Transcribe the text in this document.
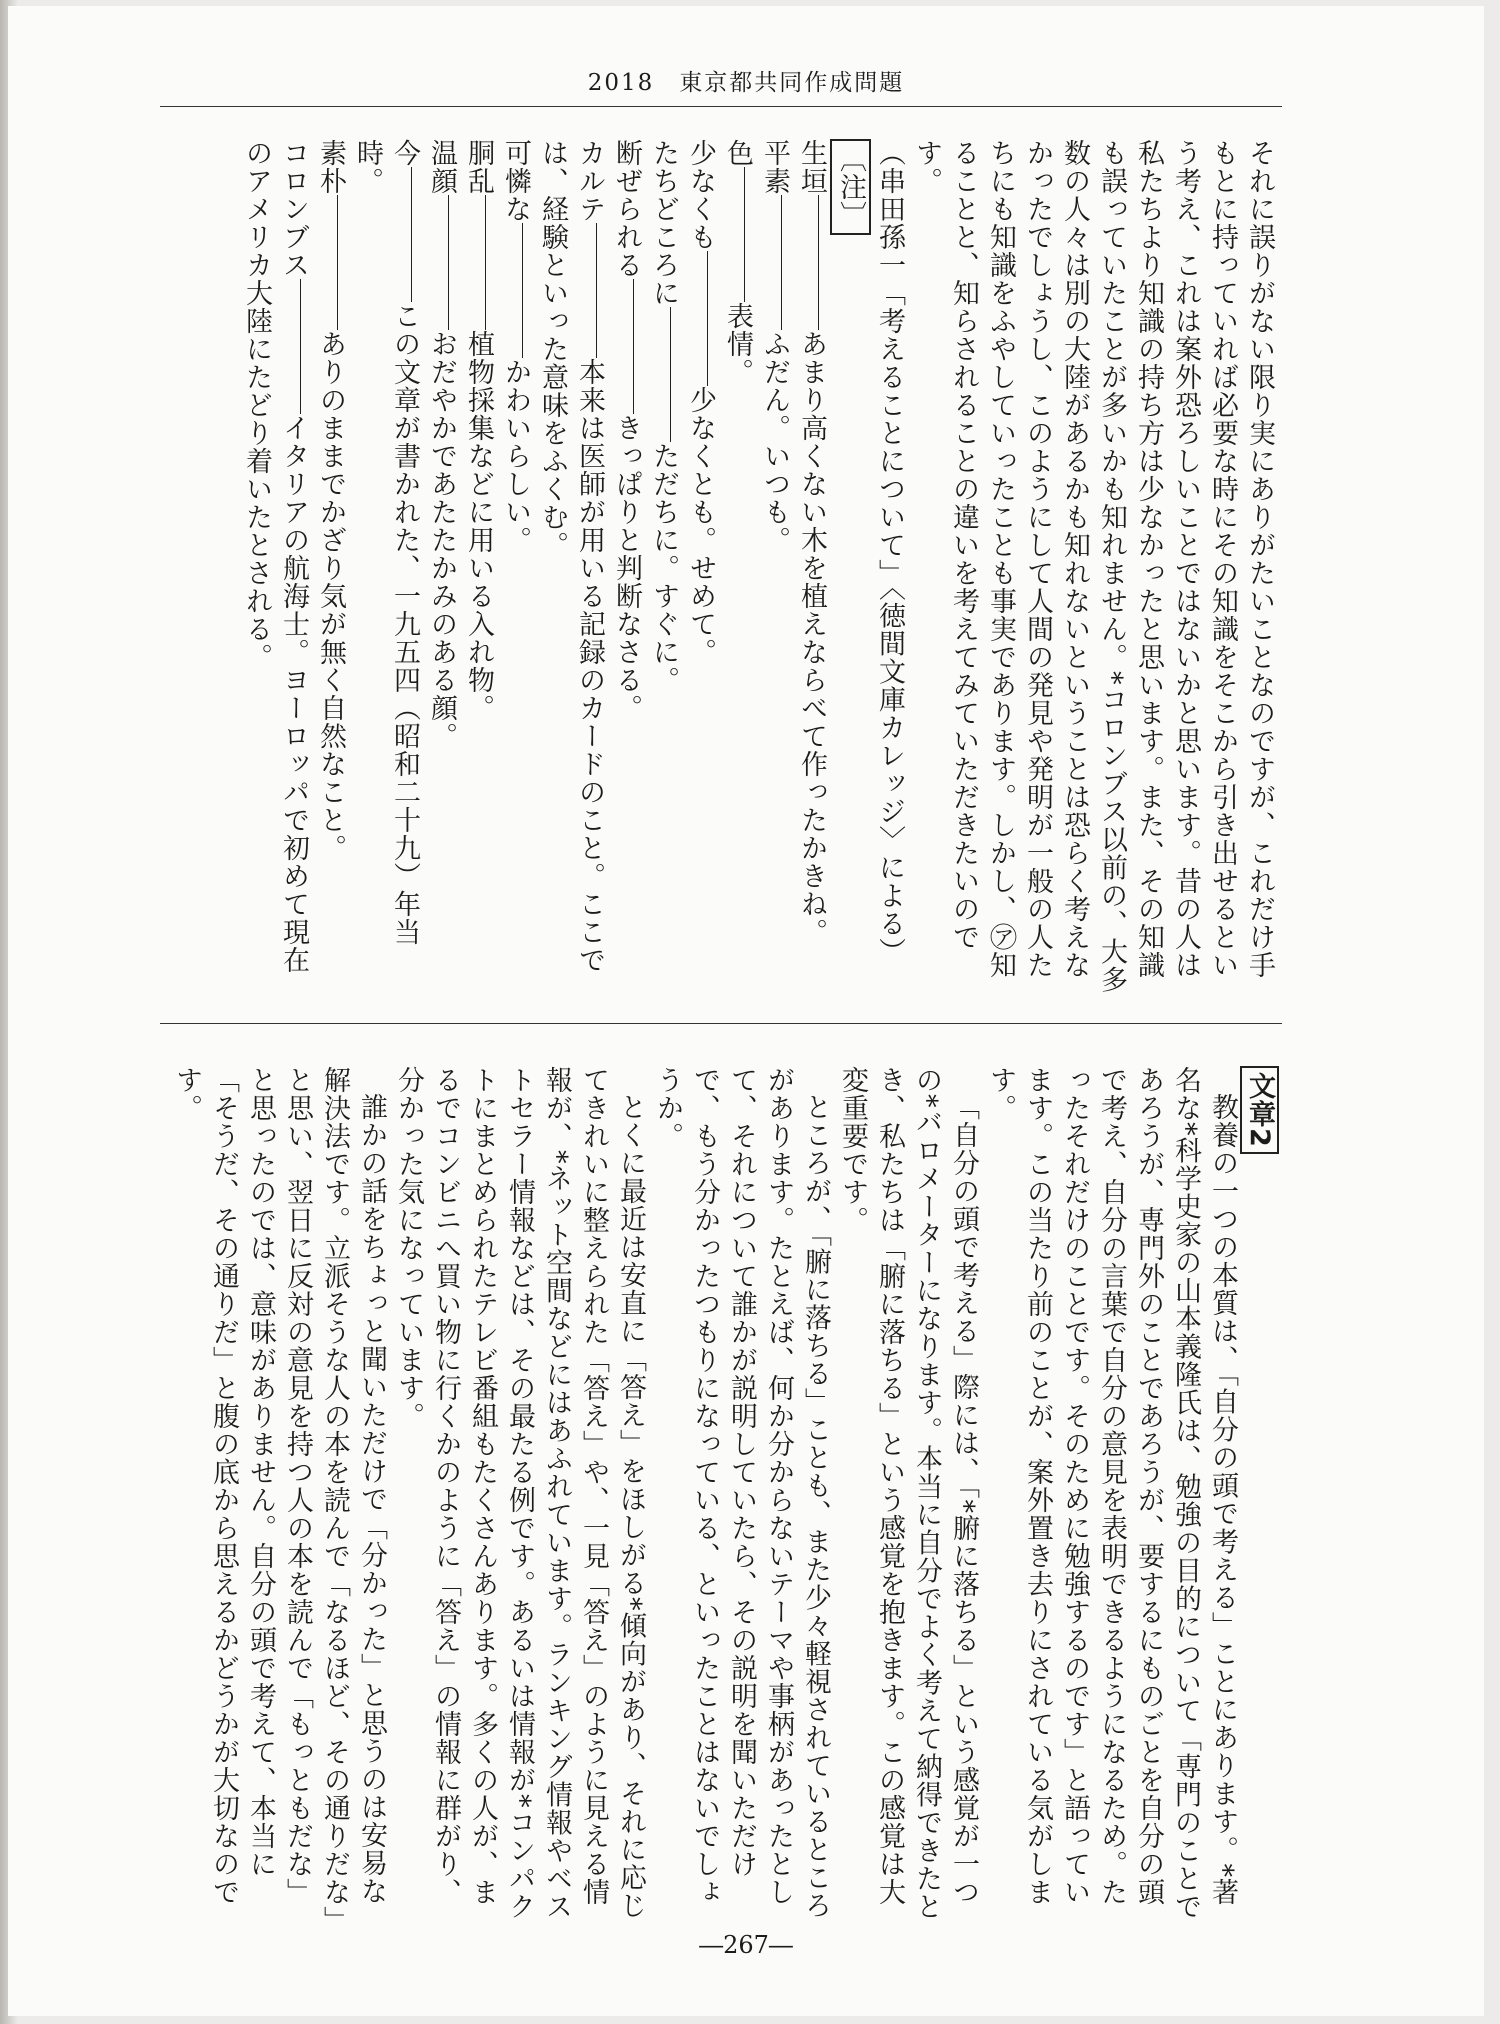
2018　東京都共同作成問題

それに誤りがない限り実にありがたいことなのですが、これだけ手もとに持っていれば必要な時にその知識をそこから引き出せるという考え、これは案外恐ろしいことではないかと思います。昔の人は私たちより知識の持ち方は少なかったと思います。また、その知識も誤っていたことが多いかも知れません。*コロンブス以前の、大多数の人々は別の大陸があるかも知れないということは恐らく考えなかったでしょうし、このようにして人間の発見や発明が一般の人たちにも知識をふやしていったことも事実であります。しかし、㋐知ることと、知らされることの違いを考えてみていただきたいのです。

（串田孫一「考えることについて」〈徳間文庫カレッジ〉による）

〔注〕

生垣あまり高くない木を植えならべて作ったかきね。

平素ふだん。いつも。

色表情。

少なくも少なくとも。せめて。

たちどころにただちに。すぐに。

断ぜられるきっぱりと判断なさる。

カルテ本来は医師が用いる記録のカードのこと。ここでは、経験といった意味をふくむ。

可憐なかわいらしい。

胴乱植物採集などに用いる入れ物。

温顔おだやかであたたかみのある顔。

今この文章が書かれた、一九五四（昭和二十九）年当時。

素朴ありのままでかざり気が無く自然なこと。

コロンブスイタリアの航海士。ヨーロッパで初めて現在のアメリカ大陸にたどり着いたとされる。

文章2

教養の一つの本質は、「自分の頭で考える」ことにあります。*著名な*科学史家の山本義隆氏は、勉強の目的について「専門のことであろうが、専門外のことであろうが、要するにものごとを自分の頭で考え、自分の言葉で自分の意見を表明できるようになるため。たったそれだけのことです。そのために勉強するのです」と語っています。この当たり前のことが、案外置き去りにされている気がします。

「自分の頭で考える」際には、「*腑に落ちる」という感覚が一つの*バロメーターになります。本当に自分でよく考えて納得できたとき、私たちは「腑に落ちる」という感覚を抱きます。この感覚は大変重要です。

ところが、「腑に落ちる」ことも、また少々軽視されているところがあります。たとえば、何か分からないテーマや事柄があったとして、それについて誰かが説明していたら、その説明を聞いただけで、もう分かったつもりになっている、といったことはないでしょうか。

とくに最近は安直に「答え」をほしがる*傾向があり、それに応じてきれいに整えられた「答え」や、一見「答え」のように見える情報が、*ネット空間などにはあふれています。ランキング情報やベストセラー情報などは、その最たる例です。あるいは情報が*コンパクトにまとめられたテレビ番組もたくさんあります。多くの人が、まるでコンビニへ買い物に行くかのように「答え」の情報に群がり、分かった気になっています。

誰かの話をちょっと聞いただけで「分かった」と思うのは安易な解決法です。立派そうな人の本を読んで「なるほど、その通りだな」と思い、翌日に反対の意見を持つ人の本を読んで「もっともだな」と思ったのでは、意味がありません。自分の頭で考えて、本当に「そうだ、その通りだ」と腹の底から思えるかどうかが大切なのです。

―267―
